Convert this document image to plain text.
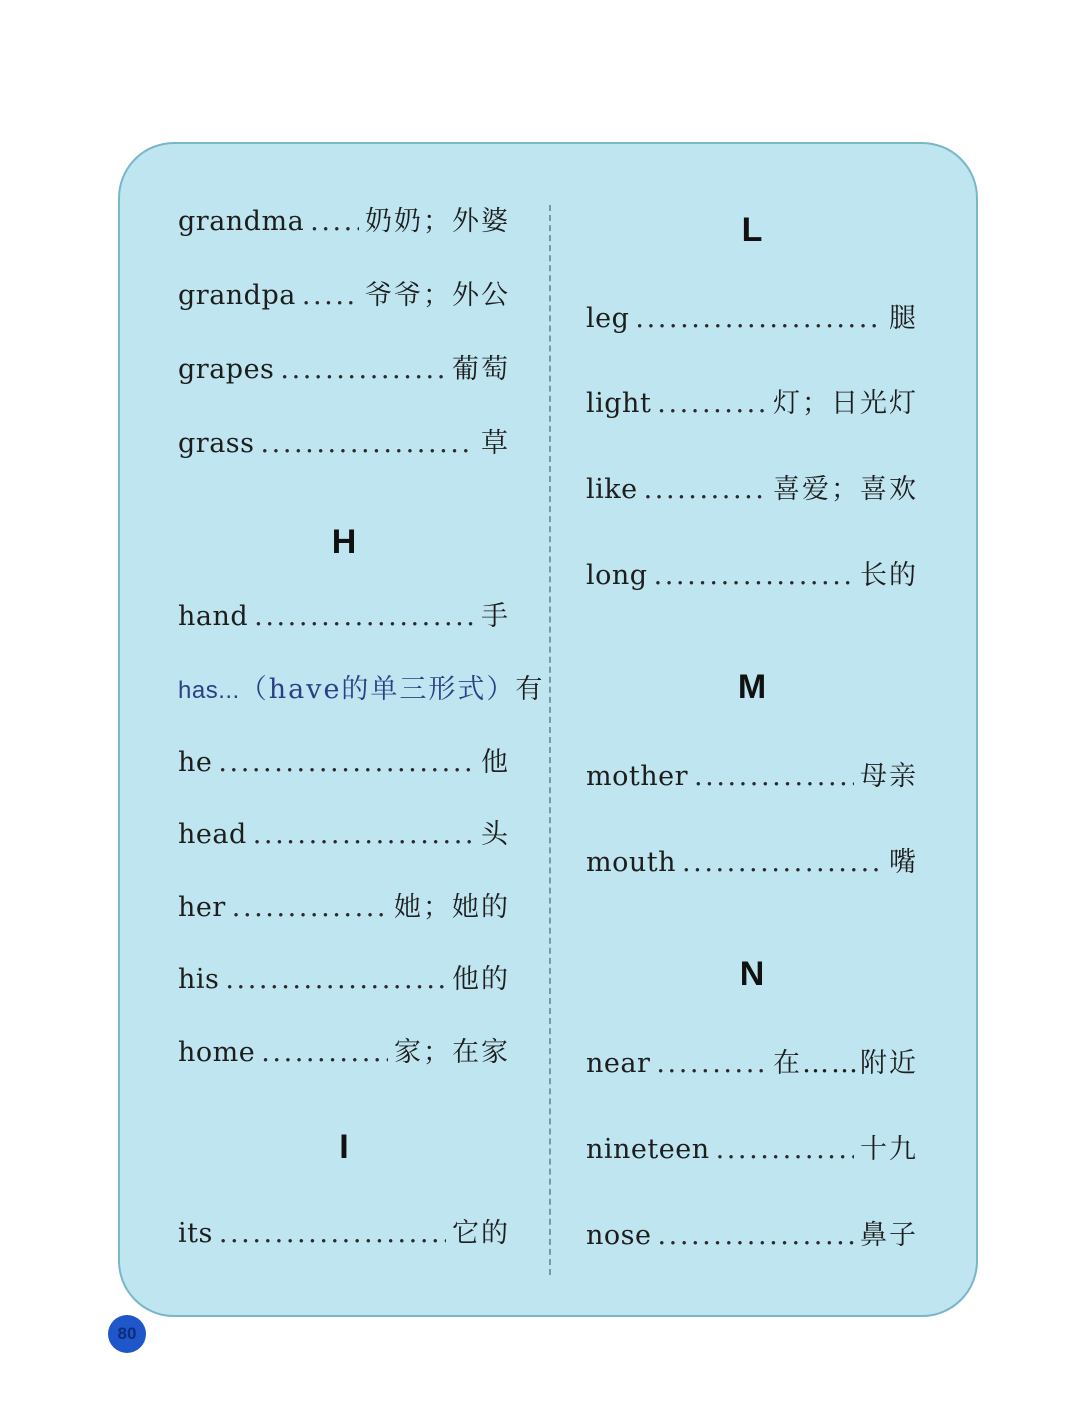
grandma . . . 奶奶；外婆
grandpa . . .	爷爷；外公
grapes . . .	葡萄
grass . . .	草
H
hand . . .	手
has... （have的单三形式）有
he . . .	他
head . . .	头
her . . .	她；她的
his . . .	他的
home . . .	家；在家
I
its . . .	它的
L
leg . . .	腿
light . . .	灯；日光灯
like . . .	喜爱；喜欢
long . . .	长的
M
mother . . .	母亲
mouth . . .	嘴
N
near . . .	在……附近
nineteen . . .	十九
nose . . .	鼻子
80
